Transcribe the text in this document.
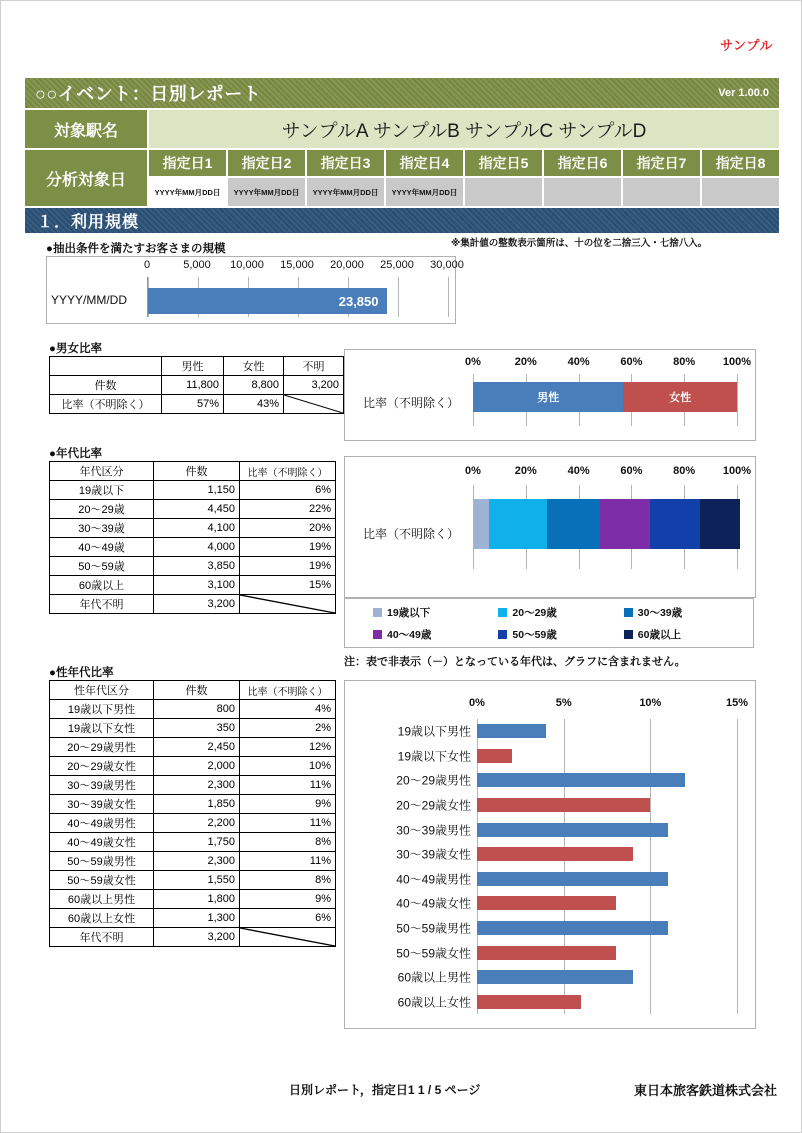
サンプル
○○イベント：日別レポート	Ver 1.00.0
対象駅名	サンプルA サンプルB サンプルC サンプルD
分析対象日
指定日1	指定日2	指定日3	指定日4	指定日5	指定日6	指定日7	指定日8
YYYY年MM月DD日	YYYY年MM月DD日	YYYY年MM月DD日	YYYY年MM月DD日
１．利用規模
●抽出条件を満たすお客さまの規模	※集計値の整数表示箇所は、十の位を二捨三入・七捨八入。
0	5,000 10,000 15,000 20,000 25,000 30,000
23,850
YYYY/MM/DD
●男女比率
	男性	女性	不明
件数	11,800	8,800	3,200
比率（不明除く）	57%	43%	
0%	20%	40%	60%	80%	100%
比率（不明除く）	男性	女性
●年代比率
年代区分	件数	比率（不明除く）
19歳以下	1,150	6%
20～29歳	4,450	22%
30～39歳	4,100	20%
40～49歳	4,000	19%
50～59歳	3,850	19%
60歳以上	3,100	15%
年代不明	3,200	
0%	20%	40%	60%	80%	100%
比率（不明除く）
19歳以下	20～29歳	30～39歳
40～49歳	50～59歳	60歳以上
注：表で非表示（－）となっている年代は、グラフに含まれません。
●性年代比率
性年代区分	件数	比率（不明除く）
19歳以下男性	800	4%
19歳以下女性	350	2%
20～29歳男性	2,450	12%
20～29歳女性	2,000	10%
30～39歳男性	2,300	11%
30～39歳女性	1,850	9%
40～49歳男性	2,200	11%
40～49歳女性	1,750	8%
50～59歳男性	2,300	11%
50～59歳女性	1,550	8%
60歳以上男性	1,800	9%
60歳以上女性	1,300	6%
年代不明	3,200	
0%	5%	10%	15%
19歳以下男性
19歳以下女性
20～29歳男性
20～29歳女性
30～39歳男性
30～39歳女性
40～49歳男性
40～49歳女性
50～59歳男性
50～59歳女性
60歳以上男性
60歳以上女性
日別レポート，指定日1 1 / 5 ページ	東日本旅客鉄道株式会社
